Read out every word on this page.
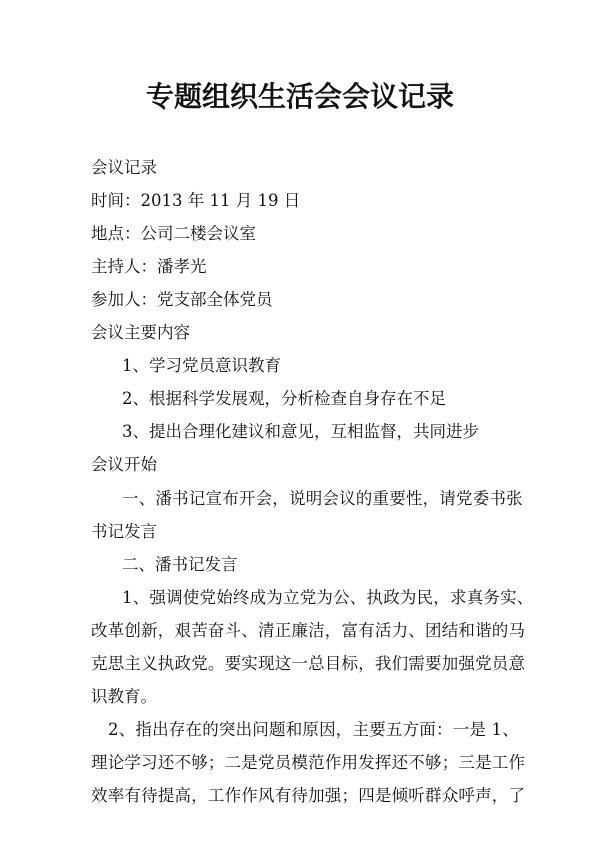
专题组织生活会会议记录
会议记录
时间：2013 年 11 月 19 日
地点：公司二楼会议室
主持人：潘孝光
参加人：党支部全体党员
会议主要内容
1、学习党员意识教育
2、根据科学发展观，分析检查自身存在不足
3、提出合理化建议和意见，互相监督，共同进步
会议开始
一、潘书记宣布开会，说明会议的重要性，请党委书张
书记发言
二、潘书记发言
1、强调使党始终成为立党为公、执政为民，求真务实、
改革创新，艰苦奋斗、清正廉洁，富有活力、团结和谐的马
克思主义执政党。要实现这一总目标，我们需要加强党员意
识教育。
2、指出存在的突出问题和原因，主要五方面：一是 1、
理论学习还不够；二是党员模范作用发挥还不够；三是工作
效率有待提高，工作作风有待加强；四是倾听群众呼声，了
